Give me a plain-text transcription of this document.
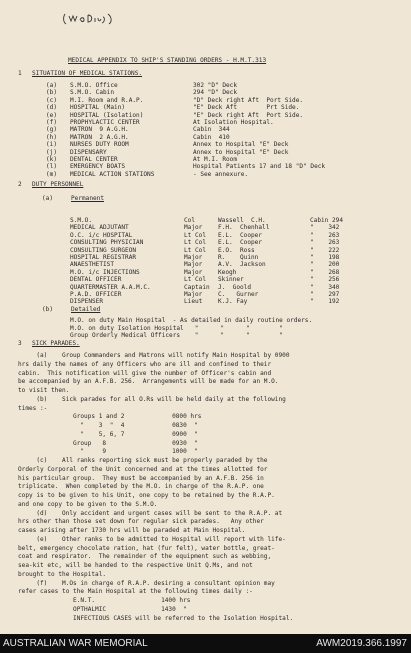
MEDICAL APPENDIX TO SHIP'S STANDING ORDERS - H.M.T.313
1 SITUATION OF MEDICAL STATIONS.
(a) S.M.O. Office	302 "D" Deck
(b) S.M.O. Cabin	294 "D" Deck
(c) M.I. Room and R.A.P.	"D" Deck right Aft  Port Side.
(d) HOSPITAL (Main)	"E" Deck Aft        Prt Side.
(e) HOSPITAL (Isolation)	"E" Deck right Aft  Port Side.
(f) PROPHYLACTIC CENTER	At Isolation Hospital.
(g) MATRON  9 A.G.H.	Cabin  344
(h) MATRON  2 A.G.H.	Cabin  410
(i) NURSES DUTY ROOM	Annex to Hospital "E" Deck
(j) DISPENSARY	Annex to Hospital "E" Deck
(k) DENTAL CENTER	At M.I. Room
(l) EMERGENCY BOATS	Hospital Patients 17 and 18 "D" Deck
(m) MEDICAL ACTION STATIONS	- See annexure.
2 DUTY PERSONNEL
(a)	Permanent
S.M.O.	Col	Wassell  C.H.	Cabin 294
MEDICAL ADJUTANT	Major	F.H.  Chenhall	"    342
O.C. i/c HOSPITAL	Lt Col E.L.  Cooper	"    263
CONSULTING PHYSICIAN	Lt Col E.L.  Cooper	"    263
CONSULTING SURGEON	Lt Col E.O.  Ross	"    222
HOSPITAL REGISTRAR	Major	R.    Quinn	"    198
ANAESTHETIST	Major	A.V.  Jackson	"    200
M.O. i/c INJECTIONS	Major	Keogh	"    268
DENTAL OFFICER	Lt Col Skinner	"    256
QUARTERMASTER A.A.M.C.	Captain J.  Goold	"    340
P.A.D. OFFICER	Major	C.   Gurner	"    297
DISPENSER	Lieut	K.J. Fay	"    192
(b)	Detailed
M.O. on duty Main Hospital  - As detailed in daily routine orders.
M.O. on duty Isolation Hospital   "      "      "        "
Group Orderly Medical Officers    "      "      "        "
3 SICK PARADES.
(a)    Group Commanders and Matrons will notify Main Hospital by 0900
hrs daily the names of any Officers who are ill and confined to their
cabin.  This notification will give the number of Officer's cabin and
be accompanied by an A.F.B. 256.  Arrangements will be made for an M.O.
to visit then.
(b)    Sick parades for all O.Rs will be held daily at the following
times :-
Groups 1 and 2             0800 hrs
"    3  "  4             0830  "
"    5, 6, 7             0900  "
Group   8                  0930  "
"     9                  1000  "
(c)    All ranks reporting sick must be properly paraded by the
Orderly Corporal of the Unit concerned and at the times allotted for
his particular group.  They must be accompanied by an A.F.B. 256 in
triplicate.  When completed by the M.O. in charge of the R.A.P. one
copy is to be given to his Unit, one copy to be retained by the R.A.P.
and one copy to be given to the S.M.O.
(d)    Only accident and urgent cases will be sent to the R.A.P. at
hrs other than those set down for regular sick parades.   Any other
cases arising after 1730 hrs will be paraded at Main Hospital.
(e)    Other ranks to be admitted to Hospital will report with life-
belt, emergency chocolate ration, hat (fur felt), water bottle, great-
coat and respirator.  The remainder of the equipment such as webbing,
sea-kit etc, will be handed to the respective Unit Q.Ms, and not
brought to the Hospital.
(f)    M.Os in charge of R.A.P. desiring a consultant opinion may
refer cases to the Main Hospital at the following times daily :-
E.N.T.                  1400 hrs
OPTHALMIC               1430  "
INFECTIOUS CASES will be referred to the Isolation Hospital.
AUSTRALIAN WAR MEMORIAL	AWM2019.366.1997
